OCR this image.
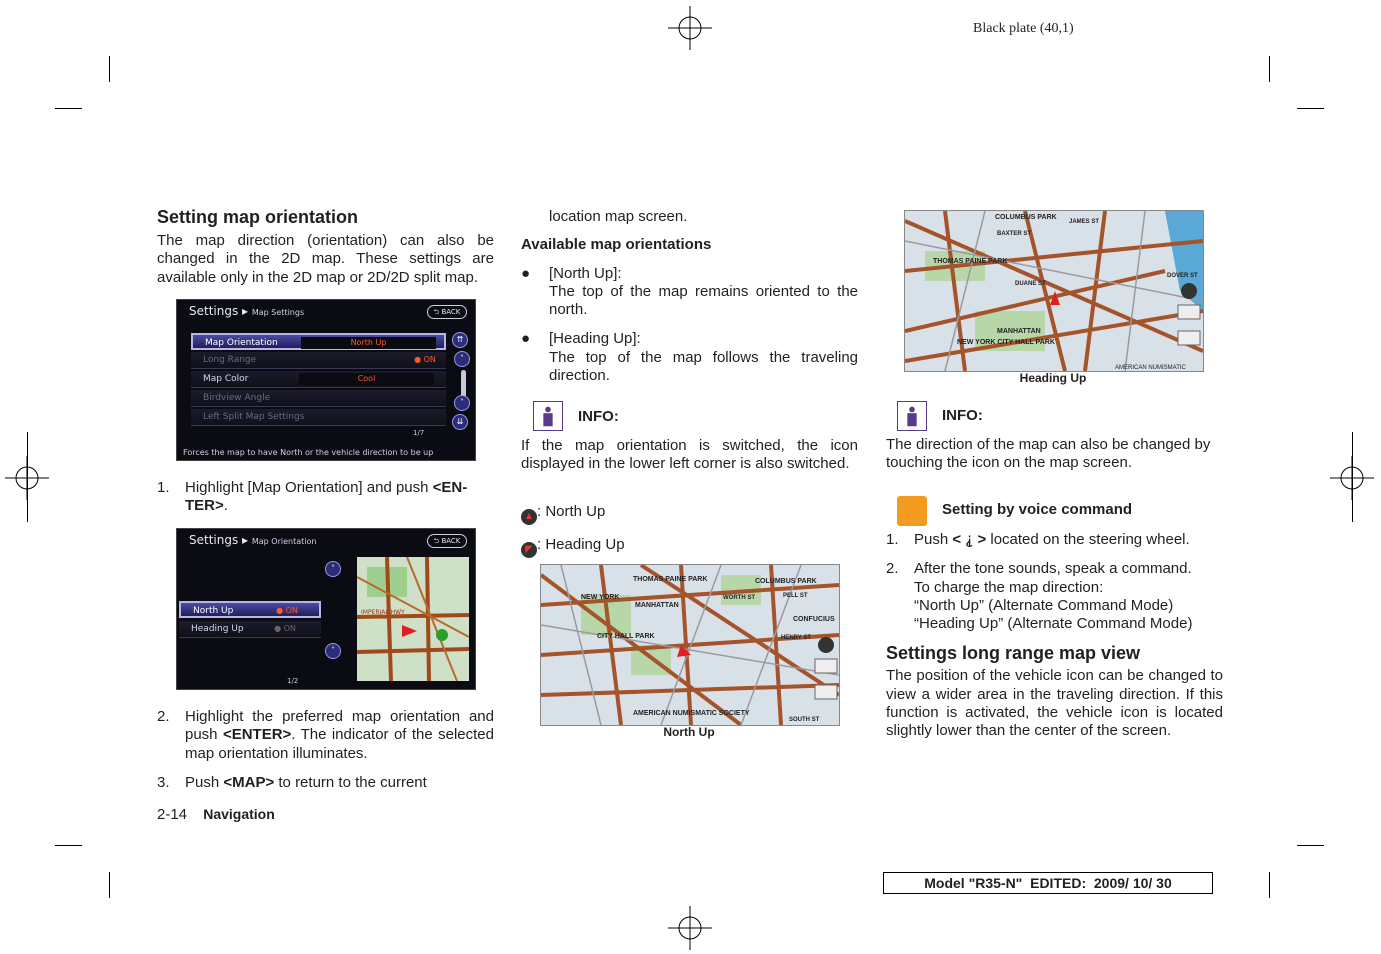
Black plate (40,1)
Setting map orientation

The map direction (orientation) can also be changed in the 2D map. These settings are available only in the 2D map or 2D/2D split map.

Settings ▸ Map Settings	⮌ BACK
Map Orientation	North Up
Long Range	● ON
Map Color	Cool
Birdview Angle
Left Split Map Settings
⇈
˄
˅
⇊
1/7
Forces the map to have North or the vehicle direction to be up
1. Highlight [Map Orientation] and push <EN-TER>.
Settings ▸ Map Orientation	⮌ BACK
North Up	● ON
Heading Up	● ON
˄
˅
1/2
IMPERIAL HWY
2. Highlight the preferred map orientation and push <ENTER>. The indicator of the selected map orientation illuminates.
3. Push <MAP> to return to the current
2-14 Navigation
location map screen.
Available map orientations
● [North Up]:
The top of the map remains oriented to the north.
● [Heading Up]:
The top of the map follows the traveling direction.
INFO:
If the map orientation is switched, the icon displayed in the lower left corner is also switched.
▲ : North Up
◤ : Heading Up
THOMAS PAINE PARK	COLUMBUS PARK
NEW YORK
MANHATTAN
CITY HALL PARK
CONFUCIUS
HENRY ST
AMERICAN NUMISMATIC SOCIETY
SOUTH ST
PELL ST
WORTH ST
North Up
COLUMBUS PARK
BAXTER ST
JAMES ST
THOMAS PAINE PARK
DUANE ST
MANHATTAN
NEW YORK CITY HALL PARK
AMERICAN NUMISMATIC
DOVER ST
Heading Up
INFO:
The direction of the map can also be changed by touching the icon on the map screen.
Setting by voice command
1. Push < ⸘ > located on the steering wheel.
2. After the tone sounds, speak a command.
To charge the map direction:
“North Up” (Alternate Command Mode)
“Heading Up” (Alternate Command Mode)
Settings long range map view

The position of the vehicle icon can be changed to view a wider area in the traveling direction. If this function is activated, the vehicle icon is located slightly lower than the center of the screen.

Model "R35-N" EDITED: 2009/ 10/ 30
